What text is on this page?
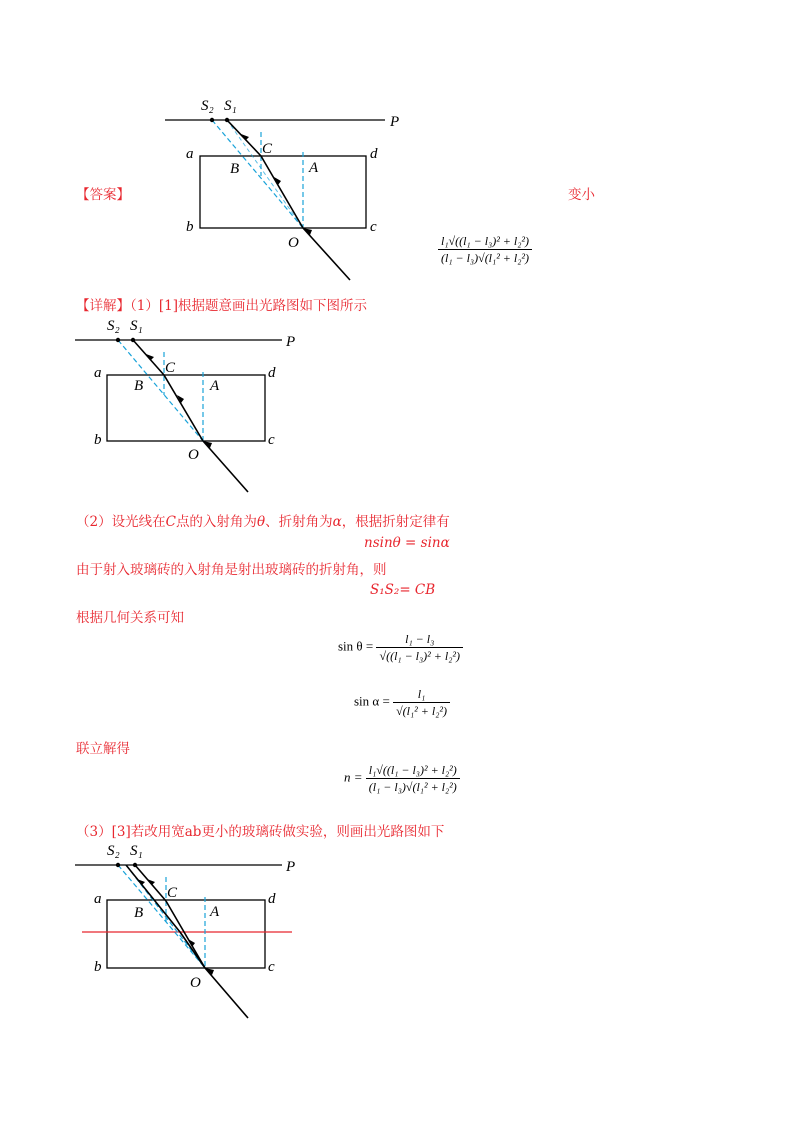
【答案】	变小
$\frac{\text{l₁√((l₁ − l₃)² + l₂²)}}{\text{(l₁ − l₃)√(l₁² + l₂²)}}$
S₂ S₁
P
a
b	c
d
A
B
C
O
【详解】（1）[1]根据题意画出光路图如下图所示
S₂ S₁
P
a
b	c
d
A
B
C
O
（2）设光线在C点的入射角为θ、折射角为α，根据折射定律有
nsinθ = sinα
由于射入玻璃砖的入射角是射出玻璃砖的折射角，则
S₁S₂= CB
根据几何关系可知
$\sin \theta = \frac{\text{l₁ − l₃}}{\text{√((l₁ − l₃)² + l₂²)}}$
$\sin \alpha = \frac{\text{l₁}}{\text{√(l₁² + l₂²)}}$
联立解得
$n = \frac{\text{l₁√((l₁ − l₃)² + l₂²)}}{\text{(l₁ − l₃)√(l₁² + l₂²)}}$
（3）[3]若改用宽ab更小的玻璃砖做实验，则画出光路图如下
S₂ S₁
P
a
b	c
d
A
B
C
O
